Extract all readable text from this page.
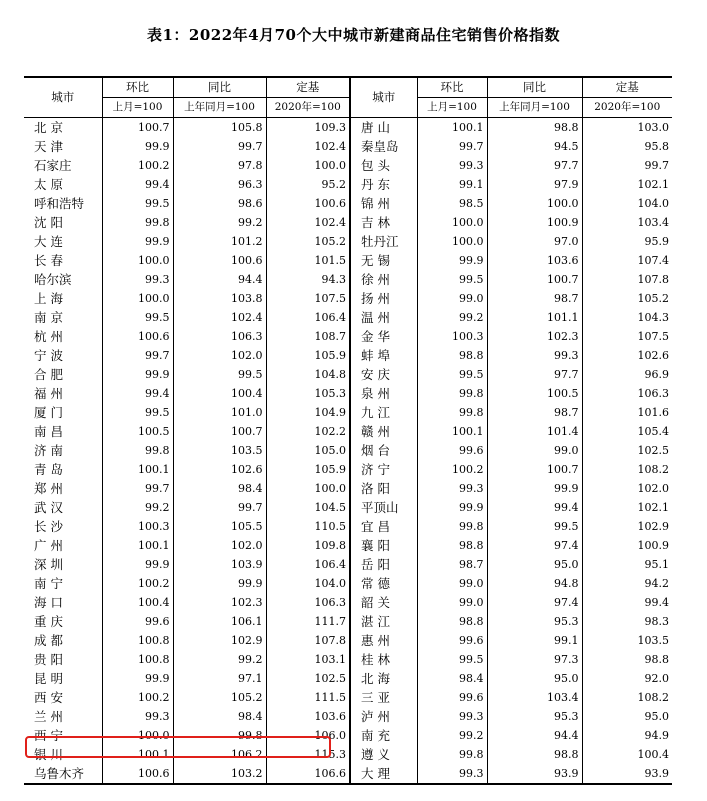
表1：2022年4月70个大中城市新建商品住宅销售价格指数
城市	环比	同比	定基	城市	环比	同比	定基
	上月=100	上年同月=100	2020年=100		上月=100	上年同月=100	2020年=100
北 京	100.7	105.8	109.3	唐 山	100.1	98.8	103.0
天 津	99.9	99.7	102.4	秦皇岛	99.7	94.5	95.8
石家庄	100.2	97.8	100.0	包 头	99.3	97.7	99.7
太 原	99.4	96.3	95.2	丹 东	99.1	97.9	102.1
呼和浩特	99.5	98.6	100.6	锦 州	98.5	100.0	104.0
沈 阳	99.8	99.2	102.4	吉 林	100.0	100.9	103.4
大 连	99.9	101.2	105.2	牡丹江	100.0	97.0	95.9
长 春	100.0	100.6	101.5	无 锡	99.9	103.6	107.4
哈尔滨	99.3	94.4	94.3	徐 州	99.5	100.7	107.8
上 海	100.0	103.8	107.5	扬 州	99.0	98.7	105.2
南 京	99.5	102.4	106.4	温 州	99.2	101.1	104.3
杭 州	100.6	106.3	108.7	金 华	100.3	102.3	107.5
宁 波	99.7	102.0	105.9	蚌 埠	98.8	99.3	102.6
合 肥	99.9	99.5	104.8	安 庆	99.5	97.7	96.9
福 州	99.4	100.4	105.3	泉 州	99.8	100.5	106.3
厦 门	99.5	101.0	104.9	九 江	99.8	98.7	101.6
南 昌	100.5	100.7	102.2	赣 州	100.1	101.4	105.4
济 南	99.8	103.5	105.0	烟 台	99.6	99.0	102.5
青 岛	100.1	102.6	105.9	济 宁	100.2	100.7	108.2
郑 州	99.7	98.4	100.0	洛 阳	99.3	99.9	102.0
武 汉	99.2	99.7	104.5	平顶山	99.9	99.4	102.1
长 沙	100.3	105.5	110.5	宜 昌	99.8	99.5	102.9
广 州	100.1	102.0	109.8	襄 阳	98.8	97.4	100.9
深 圳	99.9	103.9	106.4	岳 阳	98.7	95.0	95.1
南 宁	100.2	99.9	104.0	常 德	99.0	94.8	94.2
海 口	100.4	102.3	106.3	韶 关	99.0	97.4	99.4
重 庆	99.6	106.1	111.7	湛 江	98.8	95.3	98.3
成 都	100.8	102.9	107.8	惠 州	99.6	99.1	103.5
贵 阳	100.8	99.2	103.1	桂 林	99.5	97.3	98.8
昆 明	99.9	97.1	102.5	北 海	98.4	95.0	92.0
西 安	100.2	105.2	111.5	三 亚	99.6	103.4	108.2
兰 州	99.3	98.4	103.6	泸 州	99.3	95.3	95.0
西 宁	100.0	99.8	106.0	南 充	99.2	94.4	94.9
银 川	100.1	106.2	115.3	遵 义	99.8	98.8	100.4
乌鲁木齐	100.6	103.2	106.6	大 理	99.3	93.9	93.9
